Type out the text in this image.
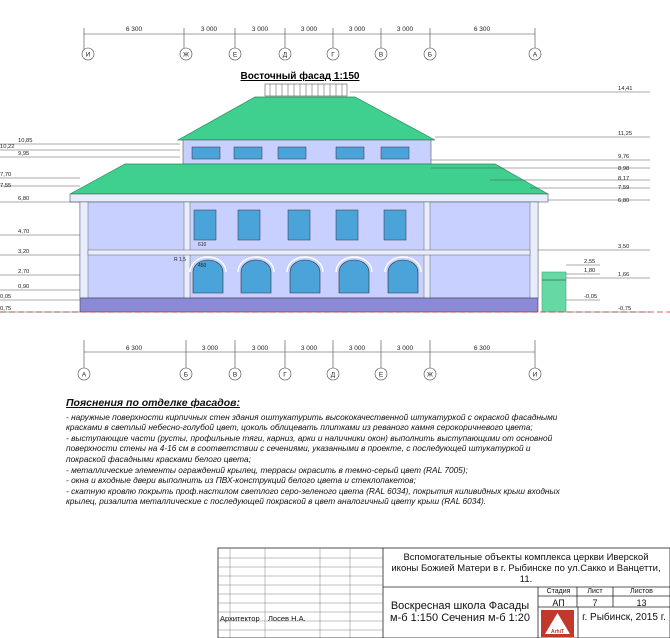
6 300	3 000	3 000	3 000	3 000	3 000	6 300
И	Ж	Е	Д	Г	В	Б	А
Восточный фасад 1:150
10,85
10,22
9,95
7,70
7,55
6,80
4,70
3,20
2,70
0,90
0,05
0,75
14,41
11,25
9,76
8,98
8,17
7,59
6,80
3,50
2,55
1,80
1,66
-0,05
-0,75
610
R 1,5
450
А	Б	В	Г	Д	Е	Ж	И
6 300	3 000	3 000	3 000	3 000	3 000	6 300
ArhiT
Пояснения по отделке фасадов:
- наружные поверхности кирпичных стен здания оштукатурить высококачественной штукатуркой с окраской фасадными красками в светлый небесно-голубой цвет, цоколь облицевать плитками из реваного камня серокоричневого цвета;
- выступающие части (русты, профильные тяги, карниз, арки и наличники окон) выполнить выступающими от основной поверхности стены на 4-16 см в соответствии с сечениями, указанными в проекте, с последующей штукатуркой и покраской фасадными красками белого цвета;
- металлические элементы ограждений крылец, террасы окрасить в темно-серый цвет (RAL 7005);
- окна и входные двери выполнить из ПВХ-конструкций белого цвета и стеклопакетов;
- скатную кровлю покрыть проф.настилом светлого серо-зеленого цвета (RAL 6034), покрытия киливидных крыш входных крылец, ризалита металлические с последующей покраской в цвет аналогичный цвету крыш (RAL 6034).
Вспомогательные объекты комплекса церкви Иверской иконы Божией Матери в г. Рыбинске по ул.Сакко и Ванцетти, 11.
Воскресная школа Фасады м-б 1:150 Сечения м-б 1:20
Архитектор Лосев Н.А.
Стадия	Лист	Листов
АП	7	13
г. Рыбинск, 2015 г.
